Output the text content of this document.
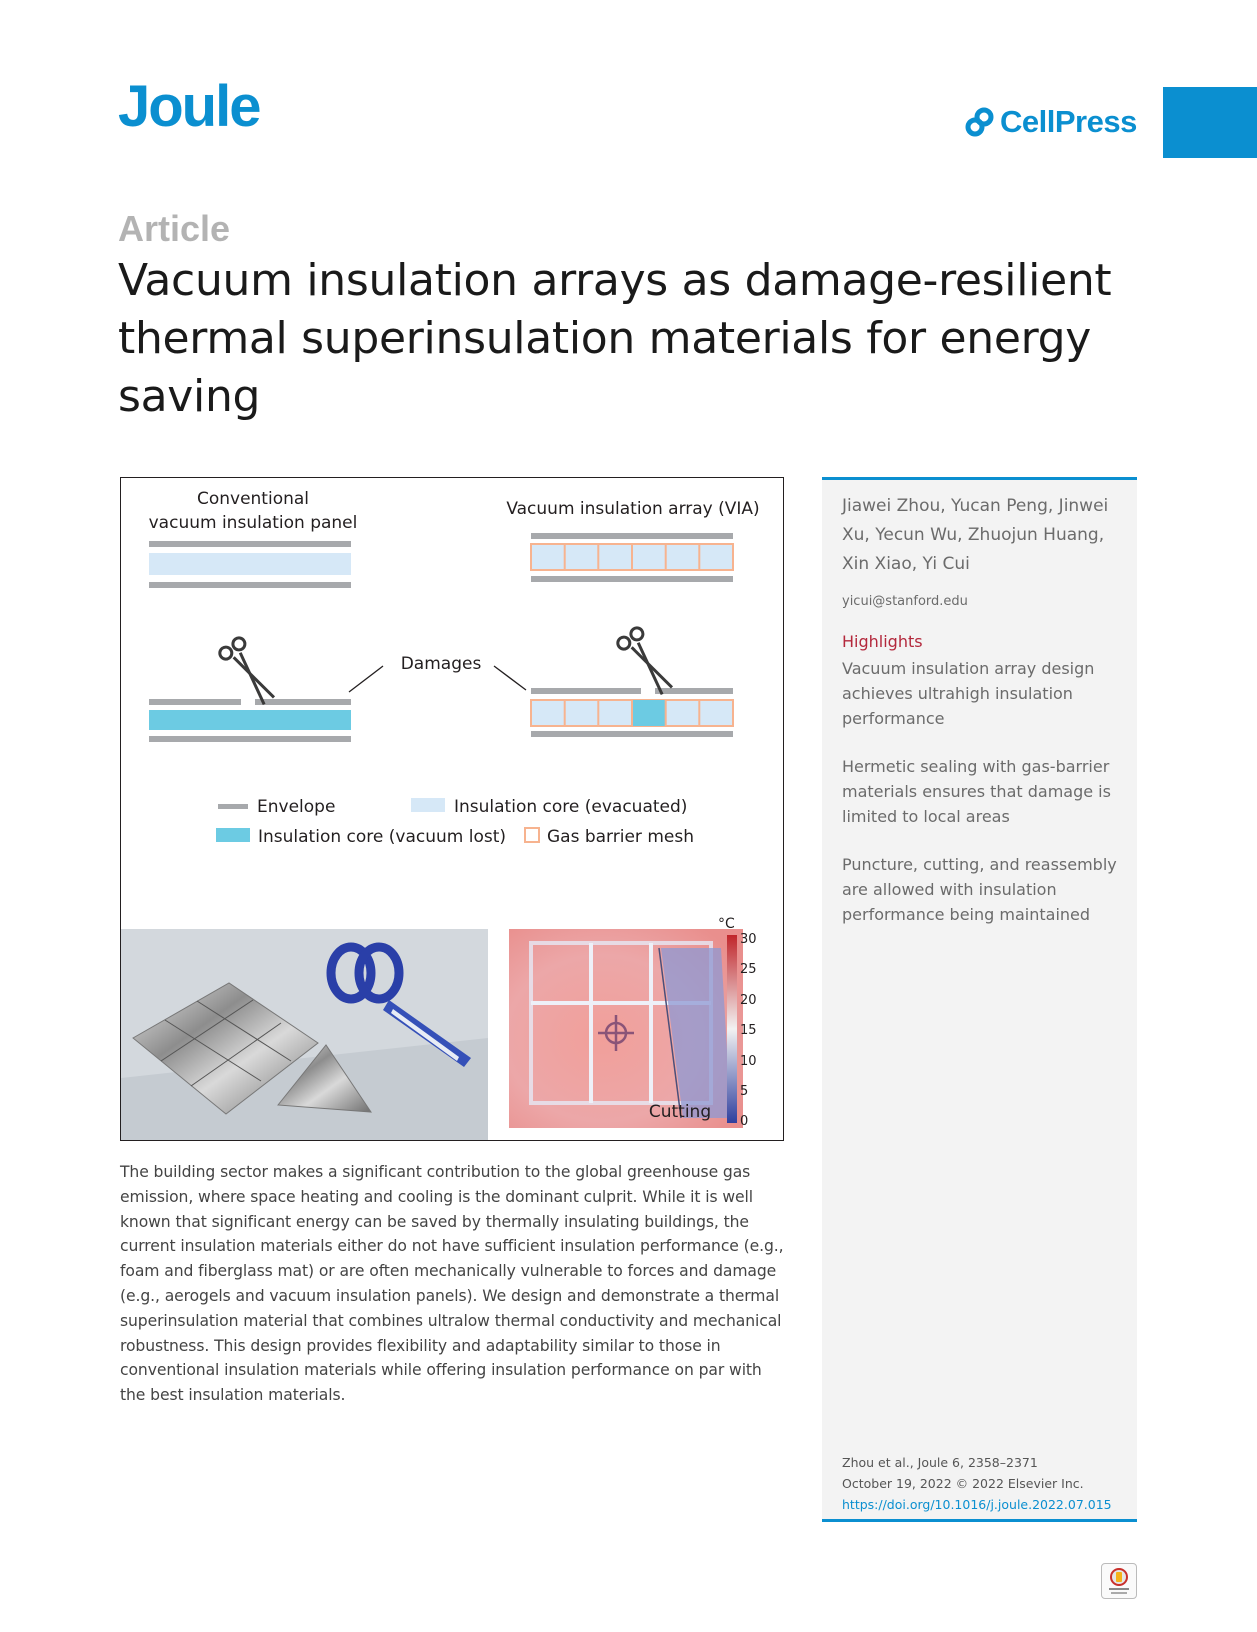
Joule	CellPress
Article
Vacuum insulation arrays as damage-resilient thermal superinsulation materials for energy saving
Conventional
vacuum insulation panel
Vacuum insulation array (VIA)
Damages
Envelope	Insulation core (evacuated)
Insulation core (vacuum lost) Gas barrier mesh
Cutting
°C
30
25
20
15
10
5
0
Jiawei Zhou, Yucan Peng, Jinwei Xu, Yecun Wu, Zhuojun Huang, Xin Xiao, Yi Cui
yicui@stanford.edu
Highlights
Vacuum insulation array design achieves ultrahigh insulation performance
Hermetic sealing with gas-barrier materials ensures that damage is limited to local areas
Puncture, cutting, and reassembly are allowed with insulation performance being maintained
Zhou et al., Joule 6, 2358–2371
October 19, 2022 © 2022 Elsevier Inc.
https://doi.org/10.1016/j.joule.2022.07.015
The building sector makes a significant contribution to the global greenhouse gas emission, where space heating and cooling is the dominant culprit. While it is well known that significant energy can be saved by thermally insulating buildings, the current insulation materials either do not have sufficient insulation performance (e.g., foam and fiberglass mat) or are often mechanically vulnerable to forces and damage (e.g., aerogels and vacuum insulation panels). We design and demonstrate a thermal superinsulation material that combines ultralow thermal conductivity and mechanical robustness. This design provides flexibility and adaptability similar to those in conventional insulation materials while offering insulation performance on par with the best insulation materials.
